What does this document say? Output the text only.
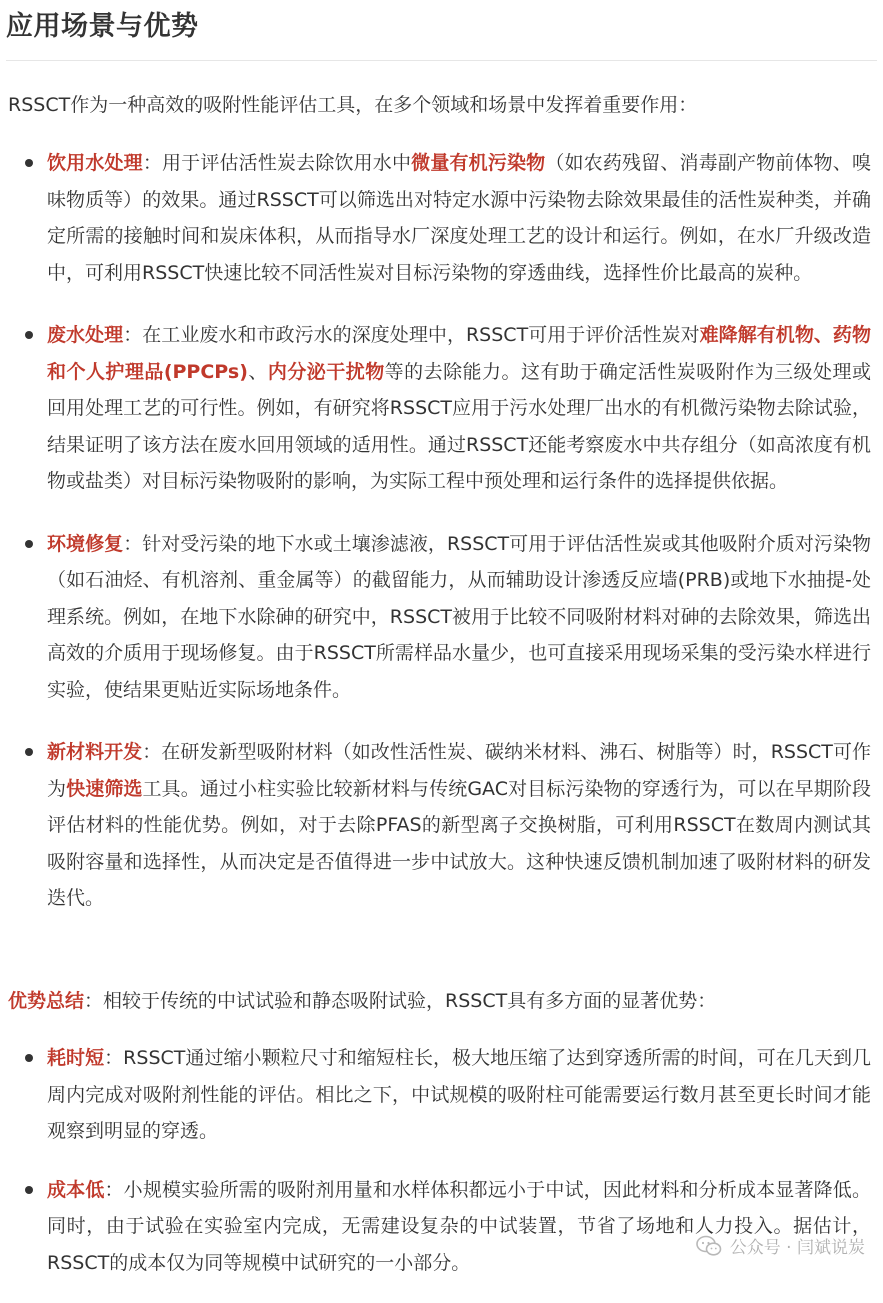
应用场景与优势
RSSCT作为一种高效的吸附性能评估工具，在多个领域和场景中发挥着重要作用：
饮用水处理：用于评估活性炭去除饮用水中微量有机污染物（如农药残留、消毒副产物前体物、嗅味物质等）的效果。通过RSSCT可以筛选出对特定水源中污染物去除效果最佳的活性炭种类，并确定所需的接触时间和炭床体积，从而指导水厂深度处理工艺的设计和运行。例如，在水厂升级改造中，可利用RSSCT快速比较不同活性炭对目标污染物的穿透曲线，选择性价比最高的炭种。
废水处理：在工业废水和市政污水的深度处理中，RSSCT可用于评价活性炭对难降解有机物、药物和个人护理品(PPCPs)、内分泌干扰物等的去除能力。这有助于确定活性炭吸附作为三级处理或回用处理工艺的可行性。例如，有研究将RSSCT应用于污水处理厂出水的有机微污染物去除试验，结果证明了该方法在废水回用领域的适用性。通过RSSCT还能考察废水中共存组分（如高浓度有机物或盐类）对目标污染物吸附的影响，为实际工程中预处理和运行条件的选择提供依据。
环境修复：针对受污染的地下水或土壤渗滤液，RSSCT可用于评估活性炭或其他吸附介质对污染物（如石油烃、有机溶剂、重金属等）的截留能力，从而辅助设计渗透反应墙(PRB)或地下水抽提-处理系统。例如，在地下水除砷的研究中，RSSCT被用于比较不同吸附材料对砷的去除效果，筛选出高效的介质用于现场修复。由于RSSCT所需样品水量少，也可直接采用现场采集的受污染水样进行实验，使结果更贴近实际场地条件。
新材料开发：在研发新型吸附材料（如改性活性炭、碳纳米材料、沸石、树脂等）时，RSSCT可作为快速筛选工具。通过小柱实验比较新材料与传统GAC对目标污染物的穿透行为，可以在早期阶段评估材料的性能优势。例如，对于去除PFAS的新型离子交换树脂，可利用RSSCT在数周内测试其吸附容量和选择性，从而决定是否值得进一步中试放大。这种快速反馈机制加速了吸附材料的研发迭代。
优势总结：相较于传统的中试试验和静态吸附试验，RSSCT具有多方面的显著优势：
耗时短：RSSCT通过缩小颗粒尺寸和缩短柱长，极大地压缩了达到穿透所需的时间，可在几天到几周内完成对吸附剂性能的评估。相比之下，中试规模的吸附柱可能需要运行数月甚至更长时间才能观察到明显的穿透。
成本低：小规模实验所需的吸附剂用量和水样体积都远小于中试，因此材料和分析成本显著降低。同时，由于试验在实验室内完成，无需建设复杂的中试装置，节省了场地和人力投入。据估计，RSSCT的成本仅为同等规模中试研究的一小部分。
公众号 · 闫斌说炭
